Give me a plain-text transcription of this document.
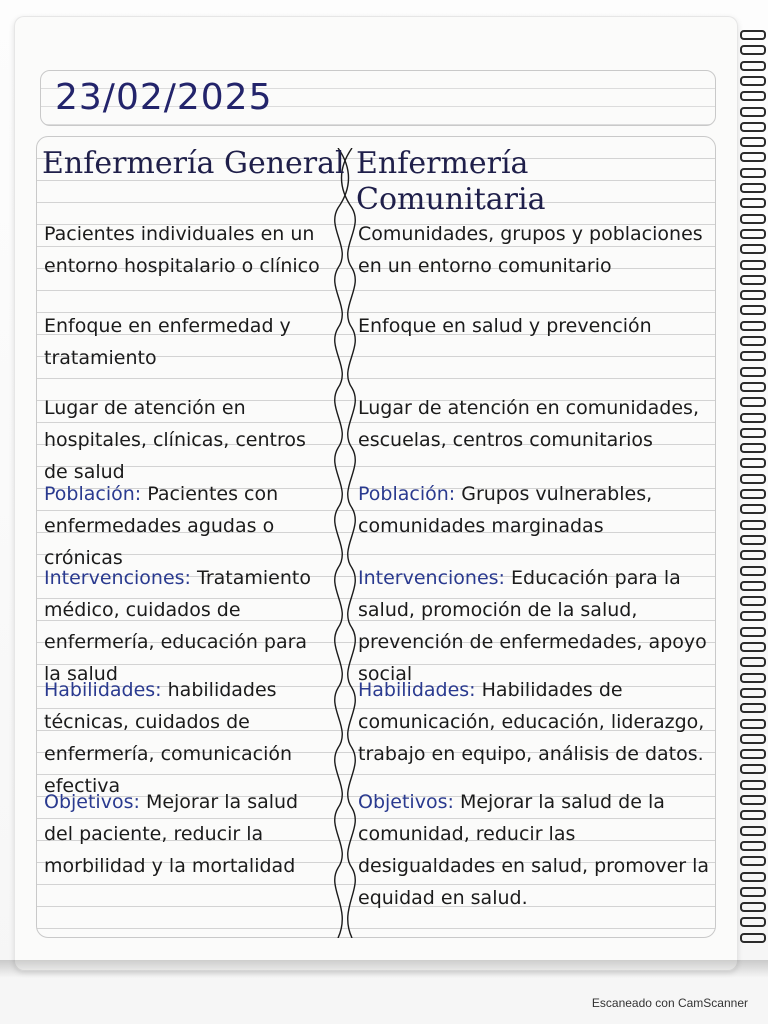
23/02/2025
Enfermería General Enfermería Comunitaria
Escaneado con CamScanner
Pacientes individuales en un entorno hospitalario o clínico
Enfoque en enfermedad y tratamiento
Lugar de atención en hospitales, clínicas, centros de salud
Población: Pacientes con enfermedades agudas o crónicas
Intervenciones: Tratamiento médico, cuidados de enfermería, educación para la salud
Habilidades: habilidades técnicas, cuidados de enfermería, comunicación efectiva
Objetivos: Mejorar la salud del paciente, reducir la morbilidad y la mortalidad
Comunidades, grupos y poblaciones en un entorno comunitario
Enfoque en salud y prevención
Lugar de atención en comunidades, escuelas, centros comunitarios
Población: Grupos vulnerables, comunidades marginadas
Intervenciones: Educación para la salud, promoción de la salud, prevención de enfermedades, apoyo social
Habilidades: Habilidades de comunicación, educación, liderazgo, trabajo en equipo, análisis de datos.
Objetivos: Mejorar la salud de la comunidad, reducir las desigualdades en salud, promover la equidad en salud.
